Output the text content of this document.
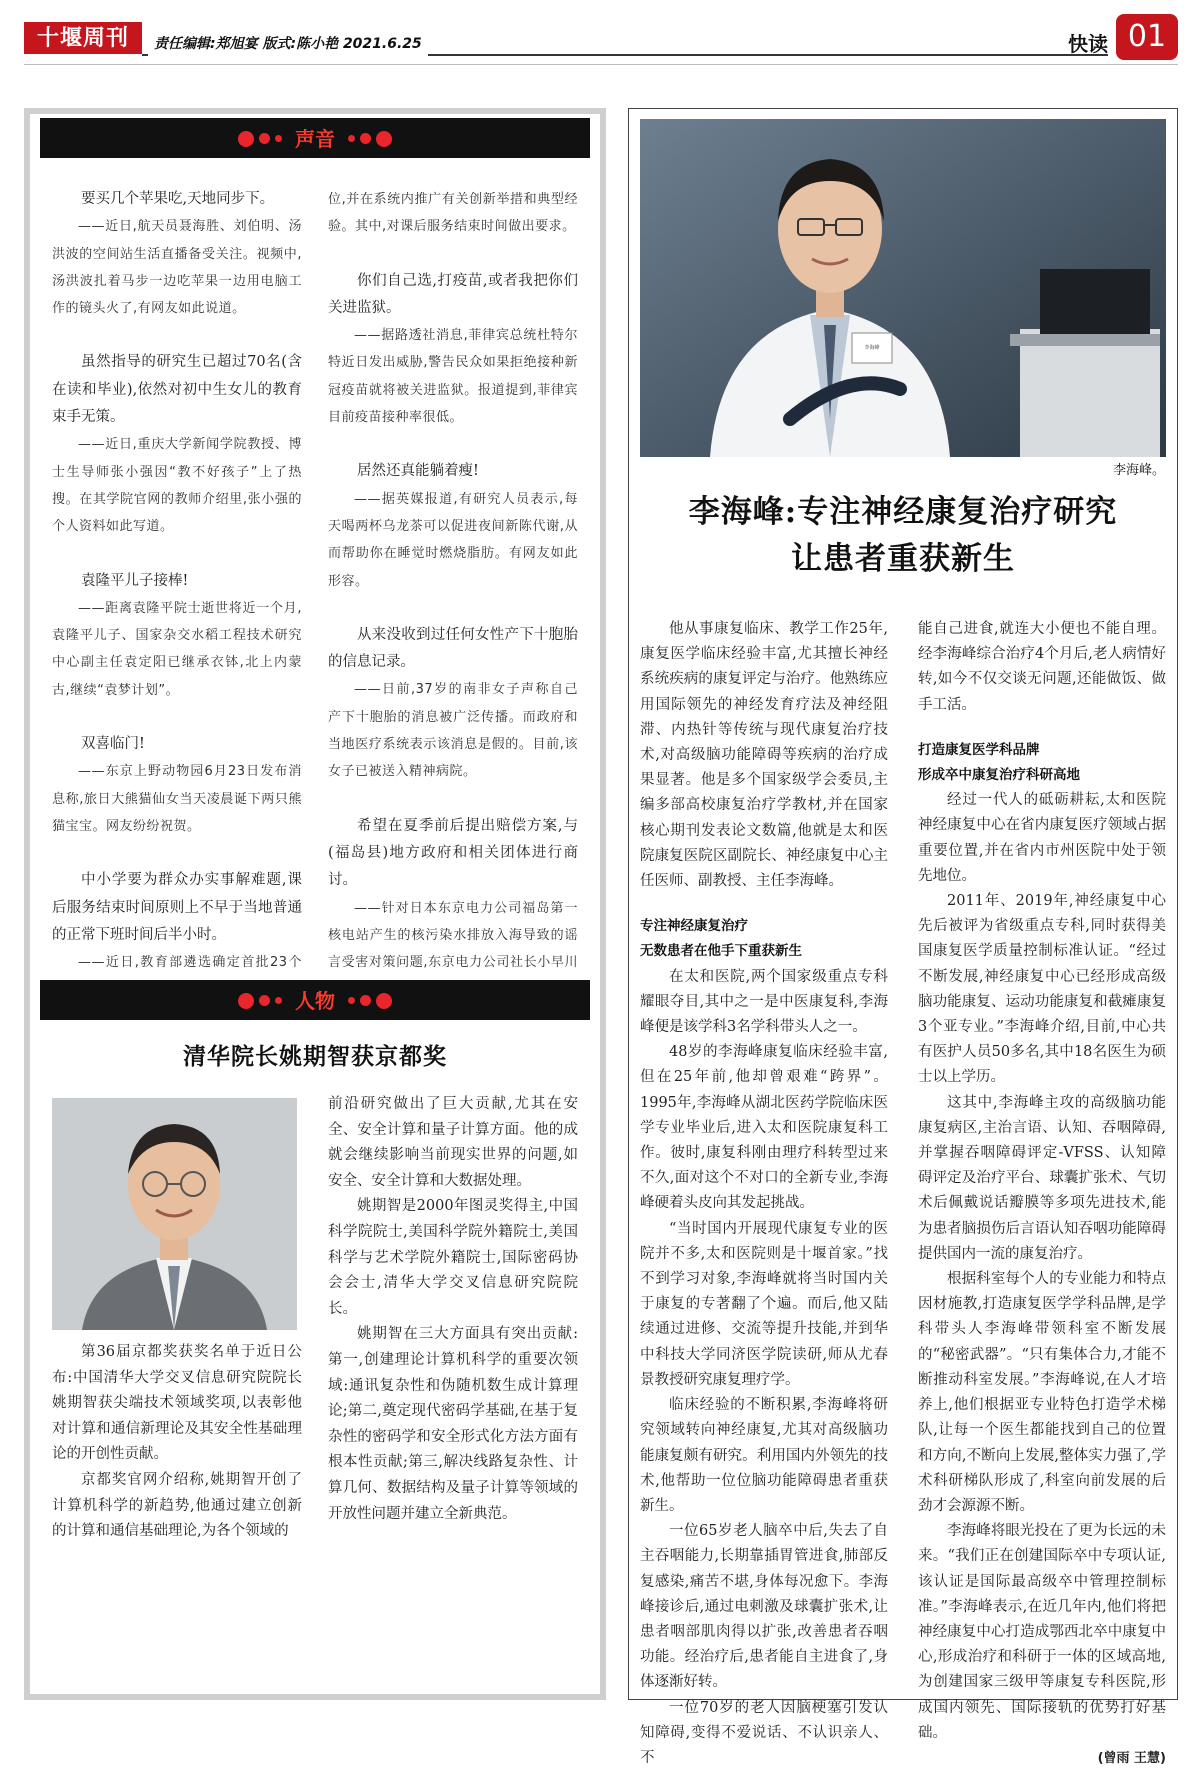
十堰周刊	责任编辑:郑旭宴 版式:陈小艳 2021.6.25	快读 01
声音

要买几个苹果吃,天地同步下。

——近日,航天员聂海胜、刘伯明、汤洪波的空间站生活直播备受关注。视频中,汤洪波扎着马步一边吃苹果一边用电脑工作的镜头火了,有网友如此说道。

虽然指导的研究生已超过70名(含在读和毕业),依然对初中生女儿的教育束手无策。

——近日,重庆大学新闻学院教授、博士生导师张小强因“教不好孩子”上了热搜。在其学院官网的教师介绍里,张小强的个人资料如此写道。

袁隆平儿子接棒!

——距离袁隆平院士逝世将近一个月,袁隆平儿子、国家杂交水稻工程技术研究中心副主任袁定阳已继承衣钵,北上内蒙古,继续“袁梦计划”。

双喜临门!

——东京上野动物园6月23日发布消息称,旅日大熊猫仙女当天凌晨诞下两只熊猫宝宝。网友纷纷祝贺。

中小学要为群众办实事解难题,课后服务结束时间原则上不早于当地普通的正常下班时间后半小时。

——近日,教育部遴选确定首批23个

位,并在系统内推广有关创新举措和典型经验。其中,对课后服务结束时间做出要求。

你们自己选,打疫苗,或者我把你们关进监狱。

——据路透社消息,菲律宾总统杜特尔特近日发出威胁,警告民众如果拒绝接种新冠疫苗就将被关进监狱。报道提到,菲律宾目前疫苗接种率很低。

居然还真能躺着瘦!

——据英媒报道,有研究人员表示,每天喝两杯乌龙茶可以促进夜间新陈代谢,从而帮助你在睡觉时燃烧脂肪。有网友如此形容。

从来没收到过任何女性产下十胞胎的信息记录。

——日前,37岁的南非女子声称自己产下十胞胎的消息被广泛传播。而政府和当地医疗系统表示该消息是假的。目前,该女子已被送入精神病院。

希望在夏季前后提出赔偿方案,与(福岛县)地方政府和相关团体进行商讨。

——针对日本东京电力公司福岛第一核电站产生的核污染水排放入海导致的谣言受害对策问题,东京电力公司社长小早川

人物
清华院长姚期智获京都奖

第36届京都奖获奖名单于近日公布:中国清华大学交叉信息研究院院长姚期智获尖端技术领域奖项,以表彰他对计算和通信新理论及其安全性基础理论的开创性贡献。

京都奖官网介绍称,姚期智开创了计算机科学的新趋势,他通过建立创新的计算和通信基础理论,为各个领域的

前沿研究做出了巨大贡献,尤其在安全、安全计算和量子计算方面。他的成就会继续影响当前现实世界的问题,如安全、安全计算和大数据处理。

姚期智是2000年图灵奖得主,中国科学院院士,美国科学院外籍院士,美国科学与艺术学院外籍院士,国际密码协会会士,清华大学交叉信息研究院院长。

姚期智在三大方面具有突出贡献:第一,创建理论计算机科学的重要次领域:通讯复杂性和伪随机数生成计算理论;第二,奠定现代密码学基础,在基于复杂性的密码学和安全形式化方法方面有根本性贡献;第三,解决线路复杂性、计算几何、数据结构及量子计算等领域的开放性问题并建立全新典范。

李海峰
李海峰。
李海峰:专注神经康复治疗研究
让患者重获新生

他从事康复临床、教学工作25年,康复医学临床经验丰富,尤其擅长神经系统疾病的康复评定与治疗。他熟练应用国际领先的神经发育疗法及神经阻滞、内热针等传统与现代康复治疗技术,对高级脑功能障碍等疾病的治疗成果显著。他是多个国家级学会委员,主编多部高校康复治疗学教材,并在国家核心期刊发表论文数篇,他就是太和医院康复医院区副院长、神经康复中心主任医师、副教授、主任李海峰。

专注神经康复治疗
无数患者在他手下重获新生

在太和医院,两个国家级重点专科耀眼夺目,其中之一是中医康复科,李海峰便是该学科3名学科带头人之一。

48岁的李海峰康复临床经验丰富,但在25年前,他却曾艰难“跨界”。1995年,李海峰从湖北医药学院临床医学专业毕业后,进入太和医院康复科工作。彼时,康复科刚由理疗科转型过来不久,面对这个不对口的全新专业,李海峰硬着头皮向其发起挑战。

“当时国内开展现代康复专业的医院并不多,太和医院则是十堰首家。”找不到学习对象,李海峰就将当时国内关于康复的专著翻了个遍。而后,他又陆续通过进修、交流等提升技能,并到华中科技大学同济医学院读研,师从尤春景教授研究康复理疗学。

临床经验的不断积累,李海峰将研究领域转向神经康复,尤其对高级脑功能康复颇有研究。利用国内外领先的技术,他帮助一位位脑功能障碍患者重获新生。

一位65岁老人脑卒中后,失去了自主吞咽能力,长期靠插胃管进食,肺部反复感染,痛苦不堪,身体每况愈下。李海峰接诊后,通过电刺激及球囊扩张术,让患者咽部肌肉得以扩张,改善患者吞咽功能。经治疗后,患者能自主进食了,身体逐渐好转。

一位70岁的老人因脑梗塞引发认知障碍,变得不爱说话、不认识亲人、不

能自己进食,就连大小便也不能自理。经李海峰综合治疗4个月后,老人病情好转,如今不仅交谈无问题,还能做饭、做手工活。

打造康复医学科品牌
形成卒中康复治疗科研高地

经过一代人的砥砺耕耘,太和医院神经康复中心在省内康复医疗领域占据重要位置,并在省内市州医院中处于领先地位。

2011年、2019年,神经康复中心先后被评为省级重点专科,同时获得美国康复医学质量控制标准认证。“经过不断发展,神经康复中心已经形成高级脑功能康复、运动功能康复和截瘫康复3个亚专业。”李海峰介绍,目前,中心共有医护人员50多名,其中18名医生为硕士以上学历。

这其中,李海峰主攻的高级脑功能康复病区,主治言语、认知、吞咽障碍,并掌握吞咽障碍评定-VFSS、认知障碍评定及治疗平台、球囊扩张术、气切术后佩戴说话瓣膜等多项先进技术,能为患者脑损伤后言语认知吞咽功能障碍提供国内一流的康复治疗。

根据科室每个人的专业能力和特点因材施教,打造康复医学学科品牌,是学科带头人李海峰带领科室不断发展的“秘密武器”。“只有集体合力,才能不断推动科室发展。”李海峰说,在人才培养上,他们根据亚专业特色打造学术梯队,让每一个医生都能找到自己的位置和方向,不断向上发展,整体实力强了,学术科研梯队形成了,科室向前发展的后劲才会源源不断。

李海峰将眼光投在了更为长远的未来。“我们正在创建国际卒中专项认证,该认证是国际最高级卒中管理控制标准。”李海峰表示,在近几年内,他们将把神经康复中心打造成鄂西北卒中康复中心,形成治疗和科研于一体的区域高地,为创建国家三级甲等康复专科医院,形成国内领先、国际接轨的优势打好基础。

(曾雨 王慧)
